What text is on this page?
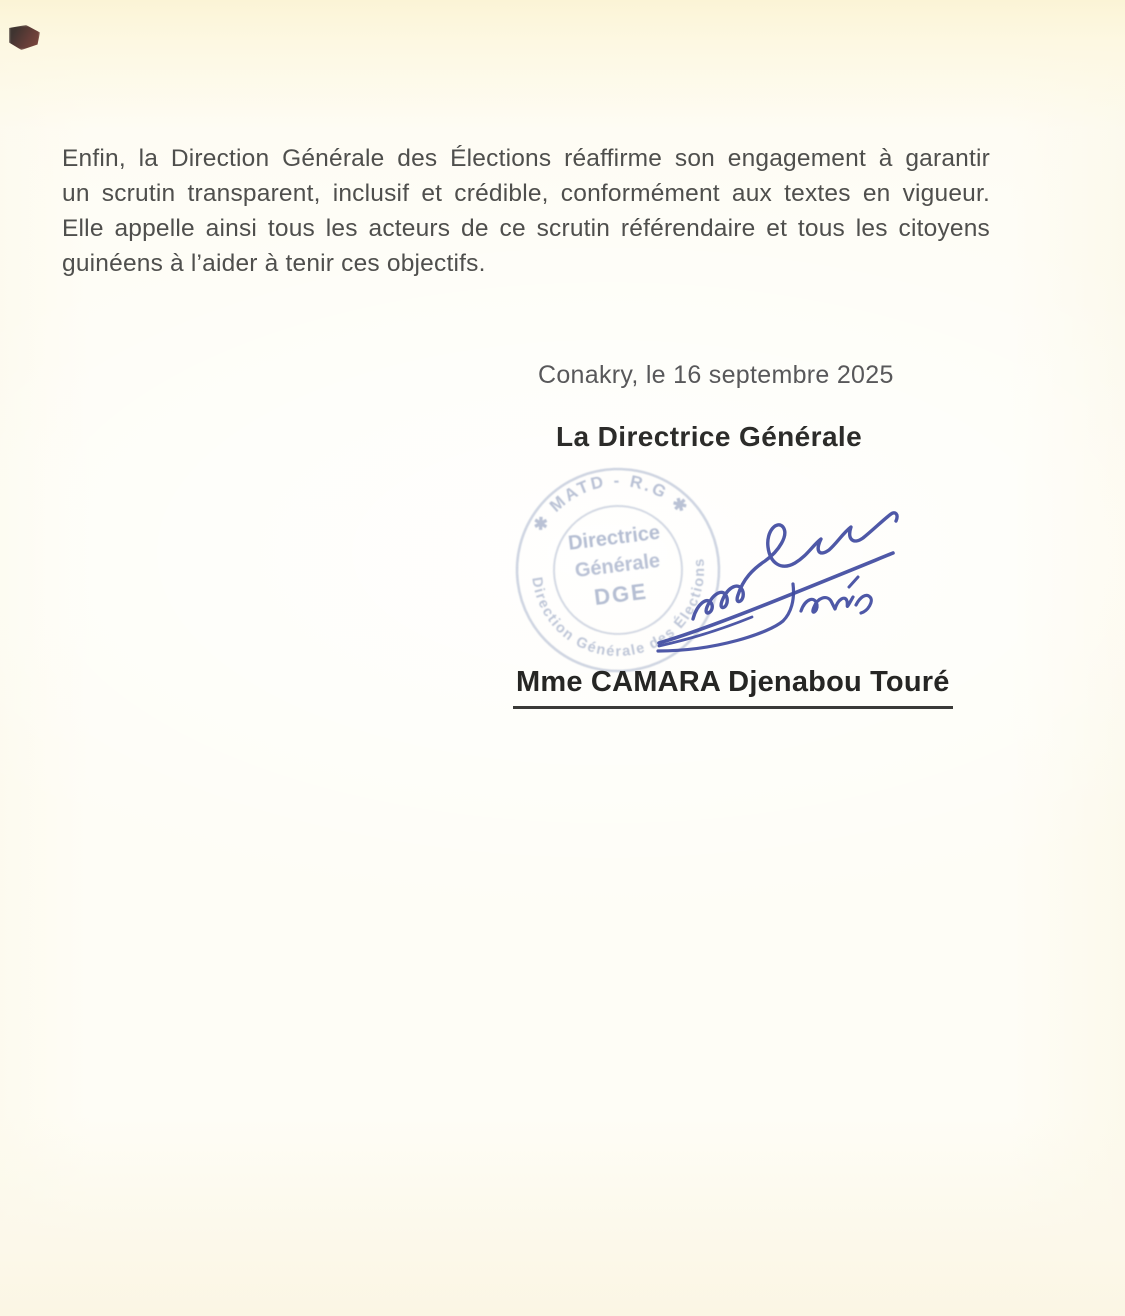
Enfin, la Direction Générale des Élections réaffirme son engagement à garantir
un scrutin transparent, inclusif et crédible, conformément aux textes en vigueur.
Elle appelle ainsi tous les acteurs de ce scrutin référendaire et tous les citoyens
guinéens à l’aider à tenir ces objectifs.
Conakry, le 16 septembre 2025
La Directrice Générale
✱ MATD - R.G ✱
Direction Générale des Élections
Directrice
Générale
DGE
Mme CAMARA Djenabou Touré
